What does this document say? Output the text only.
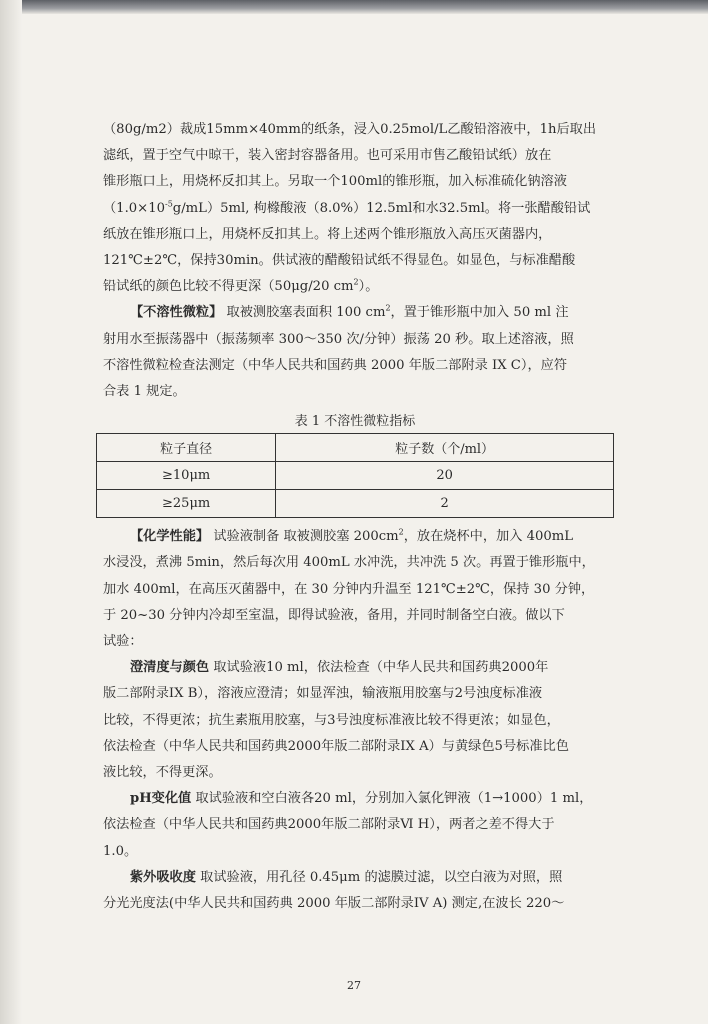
（80g/m2）裁成15mm×40mm的纸条，浸入0.25mol/L乙酸铅溶液中，1h后取出

滤纸，置于空气中晾干，装入密封容器备用。也可采用市售乙酸铅试纸）放在

锥形瓶口上，用烧杯反扣其上。另取一个100ml的锥形瓶，加入标准硫化钠溶液

$(1.0\times 10^{-5}g/mL)5ml$, 枸橼酸液（8.0%）12.5ml和水32.5ml。将一张醋酸铅试

纸放在锥形瓶口上，用烧杯反扣其上。将上述两个锥形瓶放入高压灭菌器内，

121℃±2℃，保持30min。供试液的醋酸铅试纸不得显色。如显色，与标准醋酸

铅试纸的颜色比较不得更深（50μg/20 $cm^2$）。

【不溶性微粒】 取被测胶塞表面积 100 $cm^2$，置于锥形瓶中加入 50 ml 注

射用水至振荡器中（振荡频率 300～350 次/分钟）振荡 20 秒。取上述溶液，照

不溶性微粒检查法测定（中华人民共和国药典 2000 年版二部附录 IX C），应符

合表 1 规定。

表 1 不溶性微粒指标
粒子直径	粒子数（个/ml）
≥10μm	20
≥25μm	2

【化学性能】 试验液制备 取被测胶塞 $200cm^2$，放在烧杯中，加入 400mL

水浸没，煮沸 5min，然后每次用 400mL 水冲洗，共冲洗 5 次。再置于锥形瓶中，

加水 400ml，在高压灭菌器中，在 30 分钟内升温至 121℃±2℃，保持 30 分钟，

于 20~30 分钟内冷却至室温，即得试验液，备用，并同时制备空白液。做以下

试验：

澄清度与颜色 取试验液10 ml，依法检查（中华人民共和国药典2000年

版二部附录IX B），溶液应澄清；如显浑浊，输液瓶用胶塞与2号浊度标准液

比较，不得更浓；抗生素瓶用胶塞，与3号浊度标准液比较不得更浓；如显色，

依法检查（中华人民共和国药典2000年版二部附录IX A）与黄绿色5号标准比色

液比较，不得更深。

pH变化值 取试验液和空白液各20 ml，分别加入氯化钾液（1→1000）1 ml，

依法检查（中华人民共和国药典2000年版二部附录Ⅵ H），两者之差不得大于

1.0。

紫外吸收度 取试验液，用孔径 0.45μm 的滤膜过滤，以空白液为对照，照

分光光度法(中华人民共和国药典 2000 年版二部附录IV A) 测定,在波长 220～

27
